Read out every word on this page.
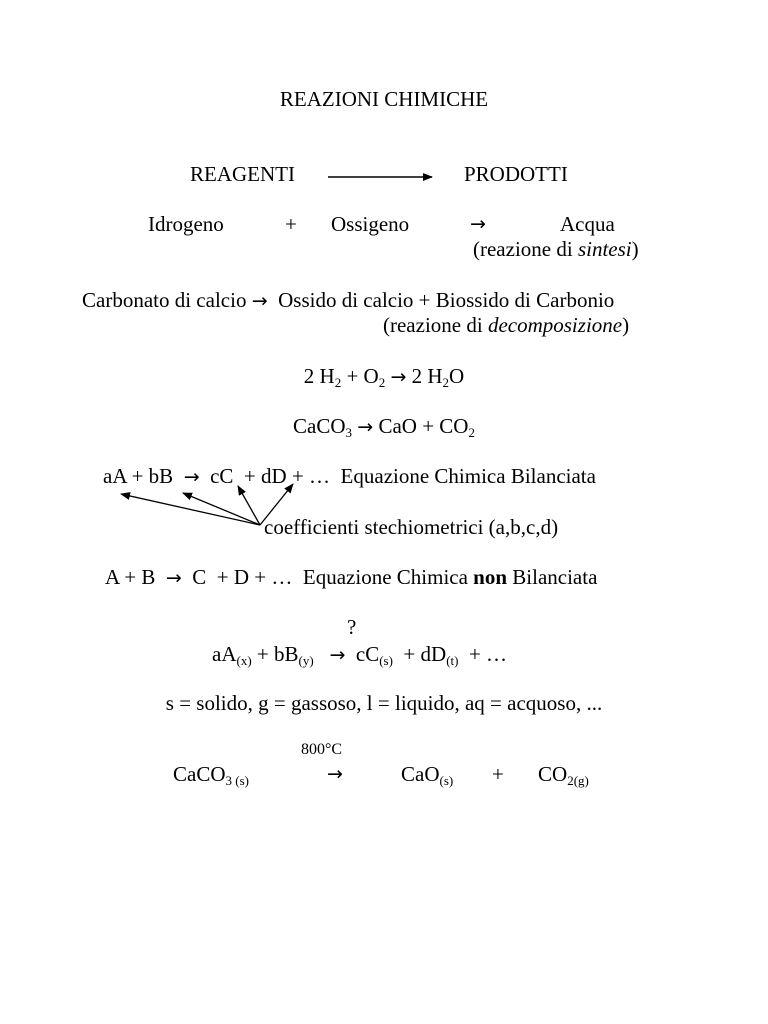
REAZIONI CHIMICHE
REAGENTI	PRODOTTI
Idrogeno	+ Ossigeno	→	Acqua
(reazione di sintesi)
Carbonato di calcio → Ossido di calcio + Biossido di Carbonio
(reazione di decomposizione)
2 $H_2 + O_2 \to 2$ $H_2O$
CaCO$_3$ → CaO + $CO_2$
aA + bB → cC  + dD + … Equazione Chimica Bilanciata
coefficienti stechiometrici (a,b,c,d)
A + B → C  + D + … Equazione Chimica non Bilanciata
?
$aA_{(x)} + bB_{(y)} \to cC_{(s)} + dD_{(t)}$  + …
s = solido, g = gassoso, l = liquido, aq = acquoso, ...
800°C
CaCO$_{3 (s)}$	→	$CaO_{(s)} + CO_{2(g)}$
